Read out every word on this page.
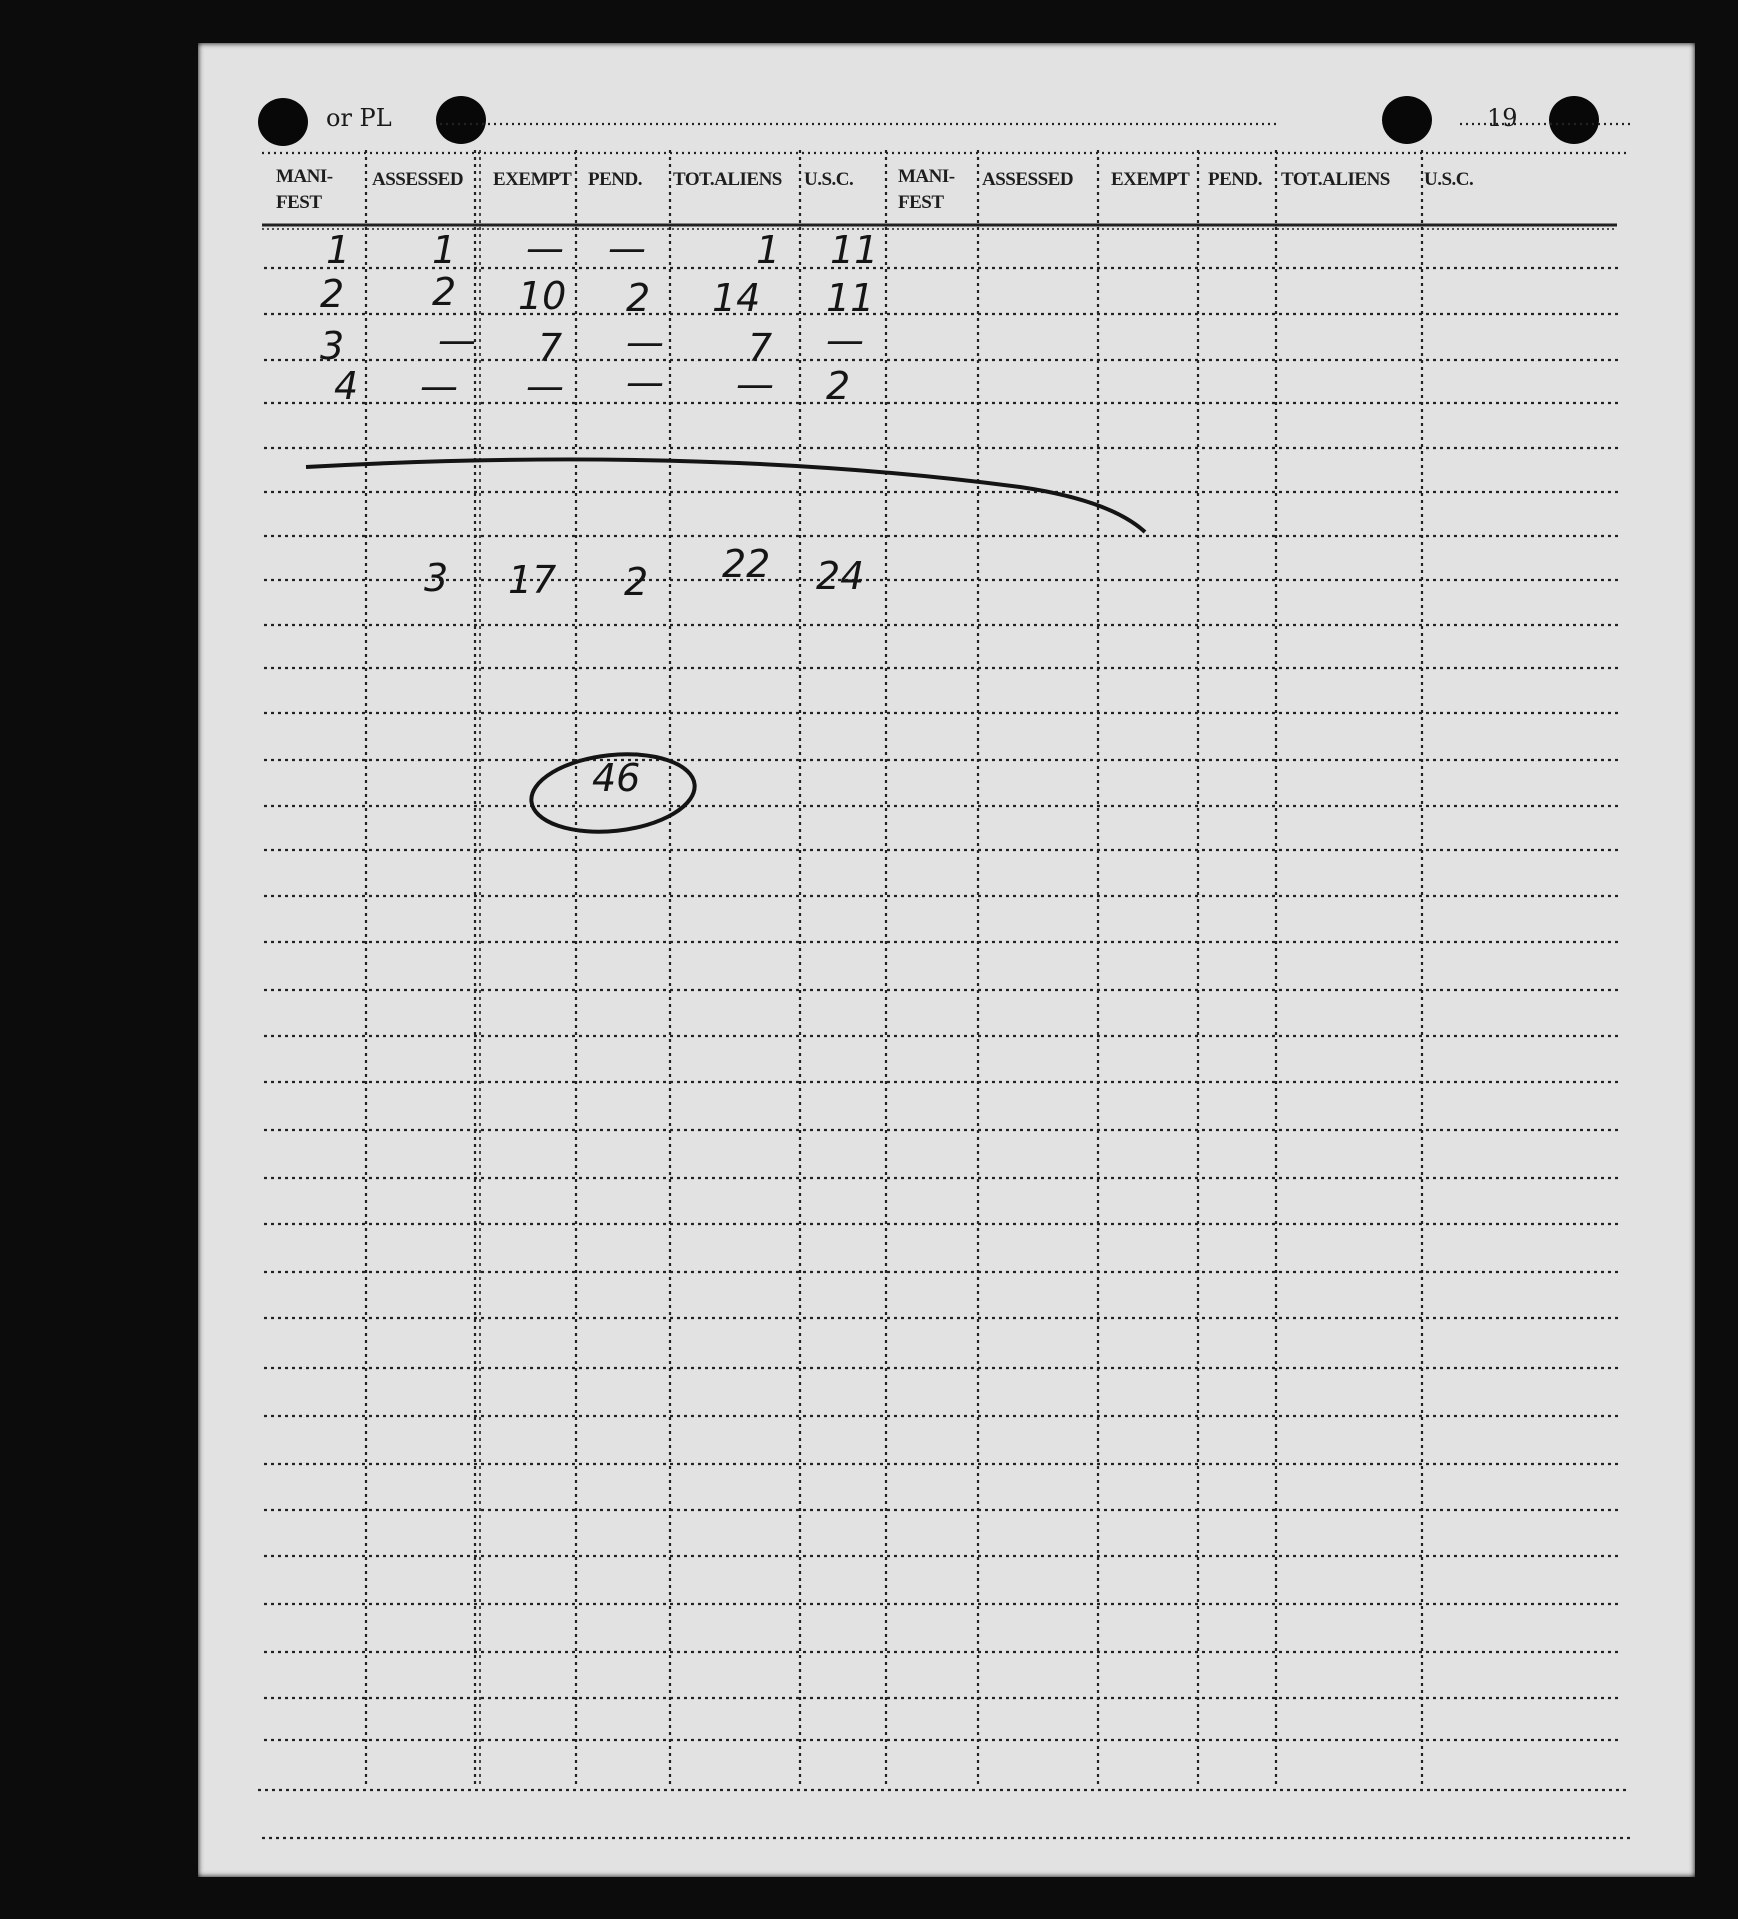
or PL	19
MANI-
FEST
ASSESSED EXEMPT PEND. TOT.ALIENS U.S.C. MANI-
FEST
ASSESSED EXEMPT PEND. TOT.ALIENS U.S.C.
1 1 — —	1 11
2 2 10 2 14 11
3 — 7 — 7 —
4 — — — — 2
3 17 2 22 24
46
